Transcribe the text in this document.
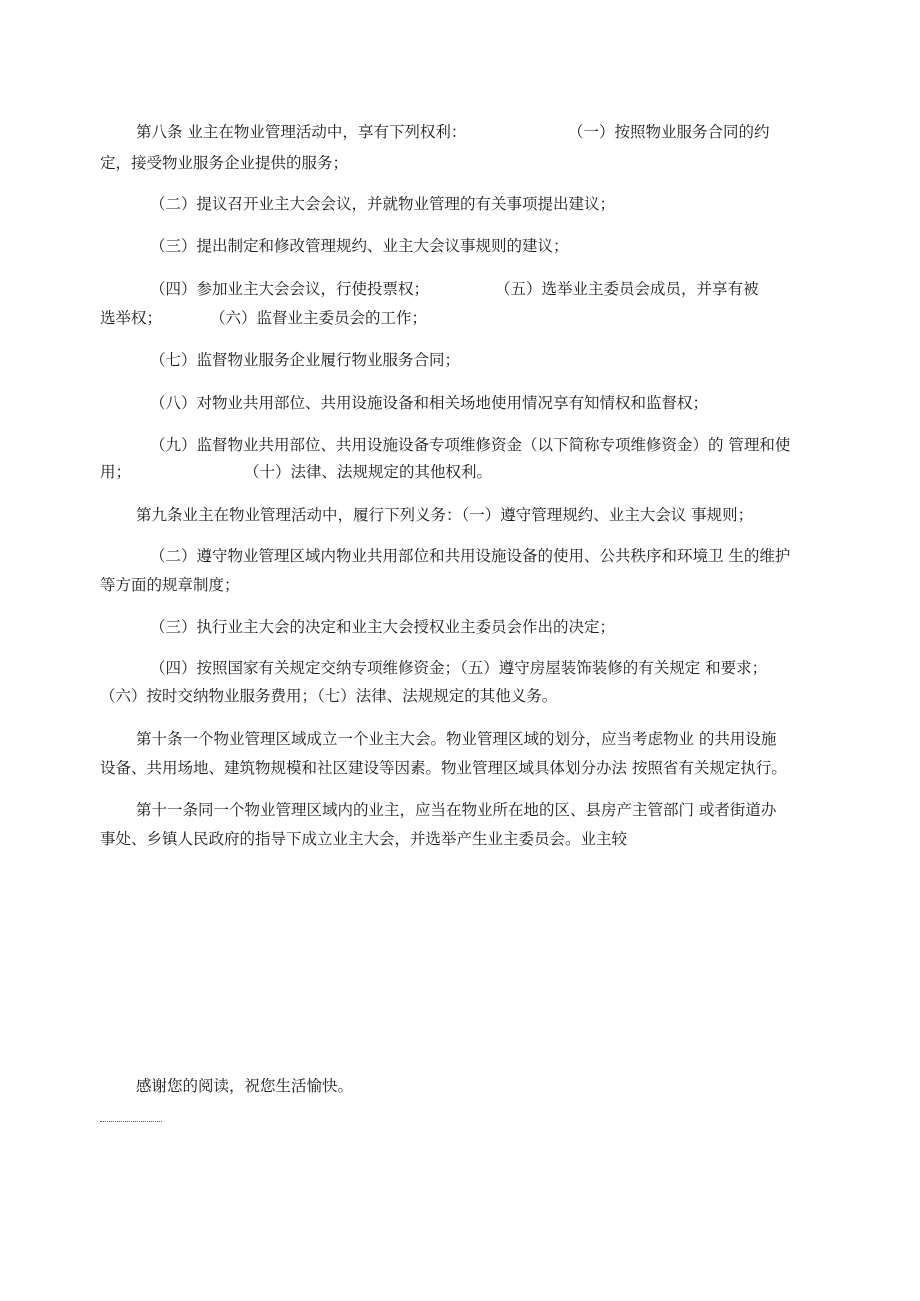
第八条 业主在物业管理活动中，享有下列权利：	（一）按照物业服务合同的约
定，接受物业服务企业提供的服务；
（二）提议召开业主大会会议，并就物业管理的有关事项提出建议；
（三）提出制定和修改管理规约、业主大会议事规则的建议；
（四）参加业主大会会议，行使投票权；	（五）选举业主委员会成员，并享有被
选举权；	（六）监督业主委员会的工作；
（七）监督物业服务企业履行物业服务合同；
（八）对物业共用部位、共用设施设备和相关场地使用情况享有知情权和监督权；
（九）监督物业共用部位、共用设施设备专项维修资金（以下简称专项维修资金）的 管理和使
用；	（十）法律、法规规定的其他权利。
第九条业主在物业管理活动中，履行下列义务：（一）遵守管理规约、业主大会议 事规则；
（二）遵守物业管理区域内物业共用部位和共用设施设备的使用、公共秩序和环境卫 生的维护
等方面的规章制度；
（三）执行业主大会的决定和业主大会授权业主委员会作出的决定；
（四）按照国家有关规定交纳专项维修资金；（五）遵守房屋装饰装修的有关规定 和要求；
（六）按时交纳物业服务费用；（七）法律、法规规定的其他义务。
第十条一个物业管理区域成立一个业主大会。物业管理区域的划分，应当考虑物业 的共用设施
设备、共用场地、建筑物规模和社区建设等因素。物业管理区域具体划分办法 按照省有关规定执行。
第十一条同一个物业管理区域内的业主，应当在物业所在地的区、县房产主管部门 或者街道办
事处、乡镇人民政府的指导下成立业主大会，并选举产生业主委员会。业主较
感谢您的阅读，祝您生活愉快。
